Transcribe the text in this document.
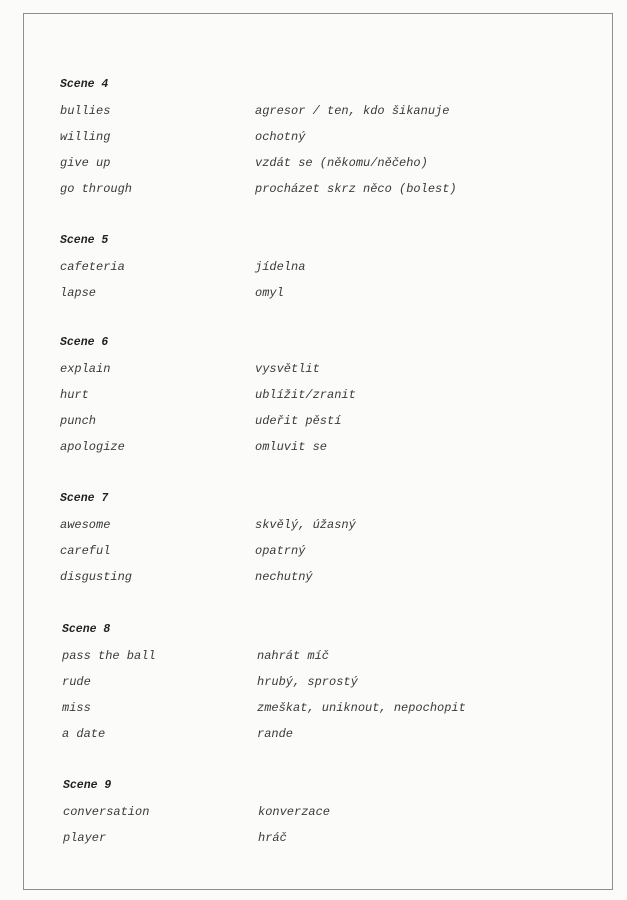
Scene 4
bullies	agresor / ten, kdo šikanuje
willing	ochotný
give up	vzdát se (někomu/něčeho)
go through	procházet skrz něco (bolest)
Scene 5
cafeteria	jídelna
lapse	omyl
Scene 6
explain	vysvětlit
hurt	ublížit/zranit
punch	udeřit pěstí
apologize	omluvit se
Scene 7
awesome	skvělý, úžasný
careful	opatrný
disgusting	nechutný
Scene 8
pass the ball	nahrát míč
rude	hrubý, sprostý
miss	zmeškat, uniknout, nepochopit
a date	rande
Scene 9
conversation	konverzace
player	hráč
